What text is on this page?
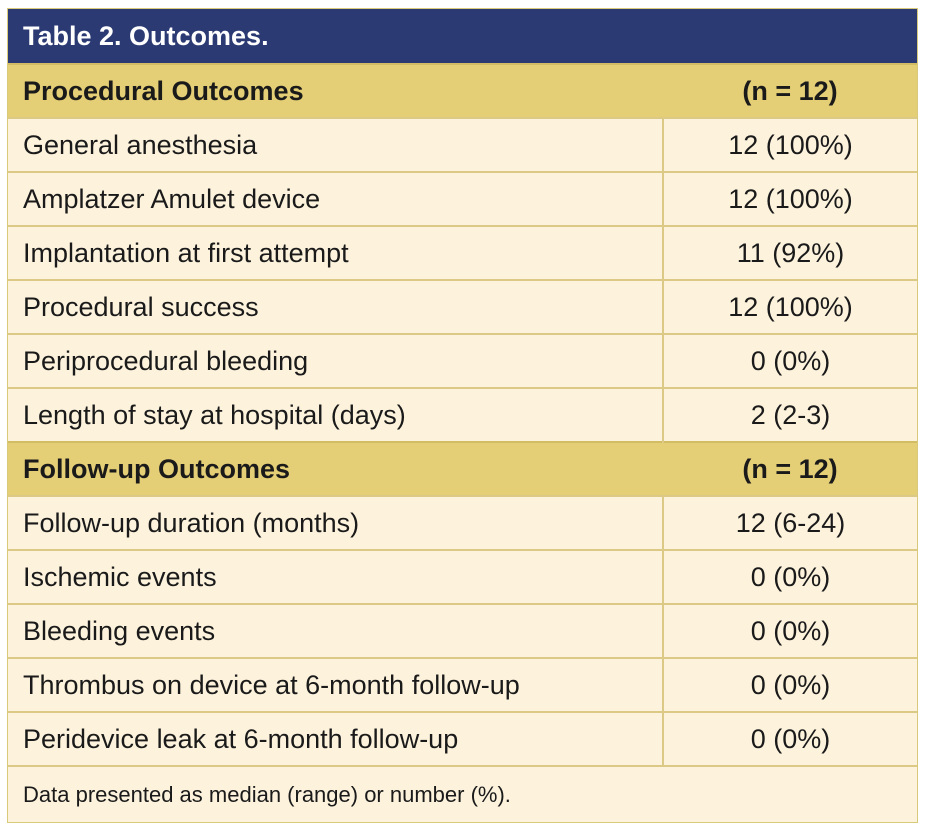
Table 2. Outcomes.
Procedural Outcomes	(n = 12)
General anesthesia	12 (100%)
Amplatzer Amulet device	12 (100%)
Implantation at first attempt	11 (92%)
Procedural success	12 (100%)
Periprocedural bleeding	0 (0%)
Length of stay at hospital (days)	2 (2-3)
Follow-up Outcomes	(n = 12)
Follow-up duration (months)	12 (6-24)
Ischemic events	0 (0%)
Bleeding events	0 (0%)
Thrombus on device at 6-month follow-up	0 (0%)
Peridevice leak at 6-month follow-up	0 (0%)
Data presented as median (range) or number (%).	
